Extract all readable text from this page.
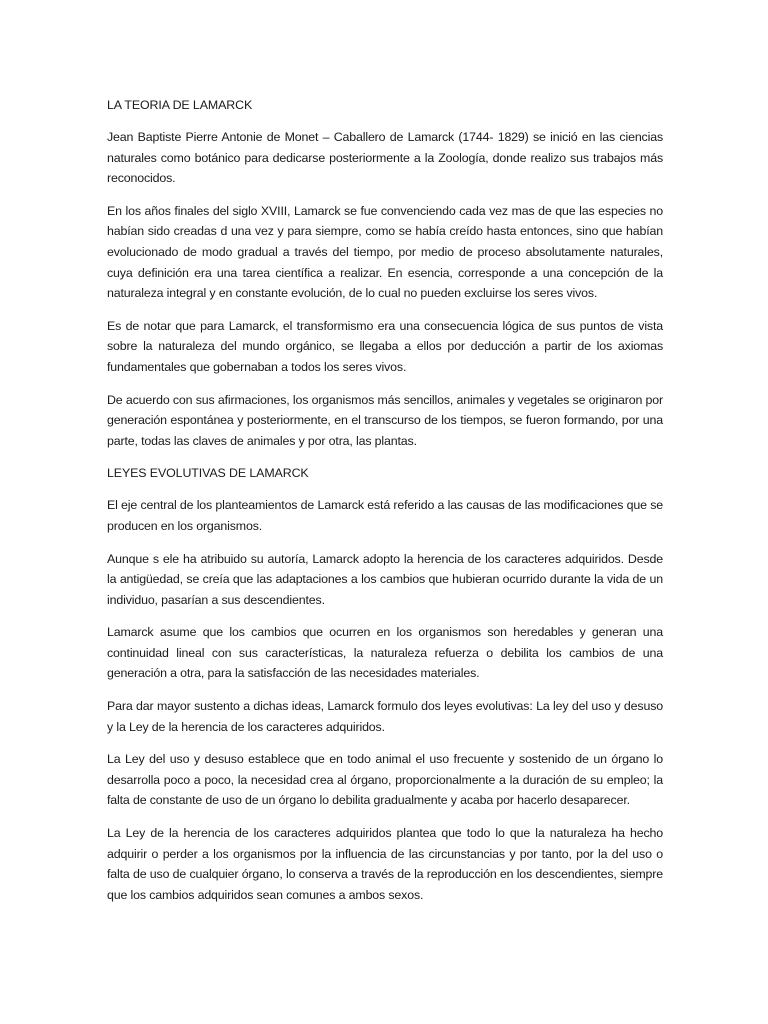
LA TEORIA DE LAMARCK

Jean Baptiste Pierre Antonie de Monet – Caballero de Lamarck (1744- 1829) se inició en las ciencias naturales como botánico para dedicarse posteriormente a la Zoología, donde realizo sus trabajos más reconocidos.

En los años finales del siglo XVIII, Lamarck se fue convenciendo cada vez mas de que las especies no habían sido creadas d una vez y para siempre, como se había creído hasta entonces, sino que habían evolucionado de modo gradual a través del tiempo, por medio de proceso absolutamente naturales, cuya definición era una tarea científica a realizar. En esencia, corresponde a una concepción de la naturaleza integral y en constante evolución, de lo cual no pueden excluirse los seres vivos.

Es de notar que para Lamarck, el transformismo era una consecuencia lógica de sus puntos de vista sobre la naturaleza del mundo orgánico, se llegaba a ellos por deducción a partir de los axiomas fundamentales que gobernaban a todos los seres vivos.

De acuerdo con sus afirmaciones, los organismos más sencillos, animales y vegetales se originaron por generación espontánea y posteriormente, en el transcurso de los tiempos, se fueron formando, por una parte, todas las claves de animales y por otra, las plantas.

LEYES EVOLUTIVAS DE LAMARCK

El eje central de los planteamientos de Lamarck está referido a las causas de las modificaciones que se producen en los organismos.

Aunque s ele ha atribuido su autoría, Lamarck adopto la herencia de los caracteres adquiridos. Desde la antigüedad, se creía que las adaptaciones a los cambios que hubieran ocurrido durante la vida de un individuo, pasarían a sus descendientes.

Lamarck asume que los cambios que ocurren en los organismos son heredables y generan una continuidad lineal con sus características, la naturaleza refuerza o debilita los cambios de una generación a otra, para la satisfacción de las necesidades materiales.

Para dar mayor sustento a dichas ideas, Lamarck formulo dos leyes evolutivas: La ley del uso y desuso y la Ley de la herencia de los caracteres adquiridos.

La Ley del uso y desuso establece que en todo animal el uso frecuente y sostenido de un órgano lo desarrolla poco a poco, la necesidad crea al órgano, proporcionalmente a la duración de su empleo; la falta de constante de uso de un órgano lo debilita gradualmente y acaba por hacerlo desaparecer.

La Ley de la herencia de los caracteres adquiridos plantea que todo lo que la naturaleza ha hecho adquirir o perder a los organismos por la influencia de las circunstancias y por tanto, por la del uso o falta de uso de cualquier órgano, lo conserva a través de la reproducción en los descendientes, siempre que los cambios adquiridos sean comunes a ambos sexos.
